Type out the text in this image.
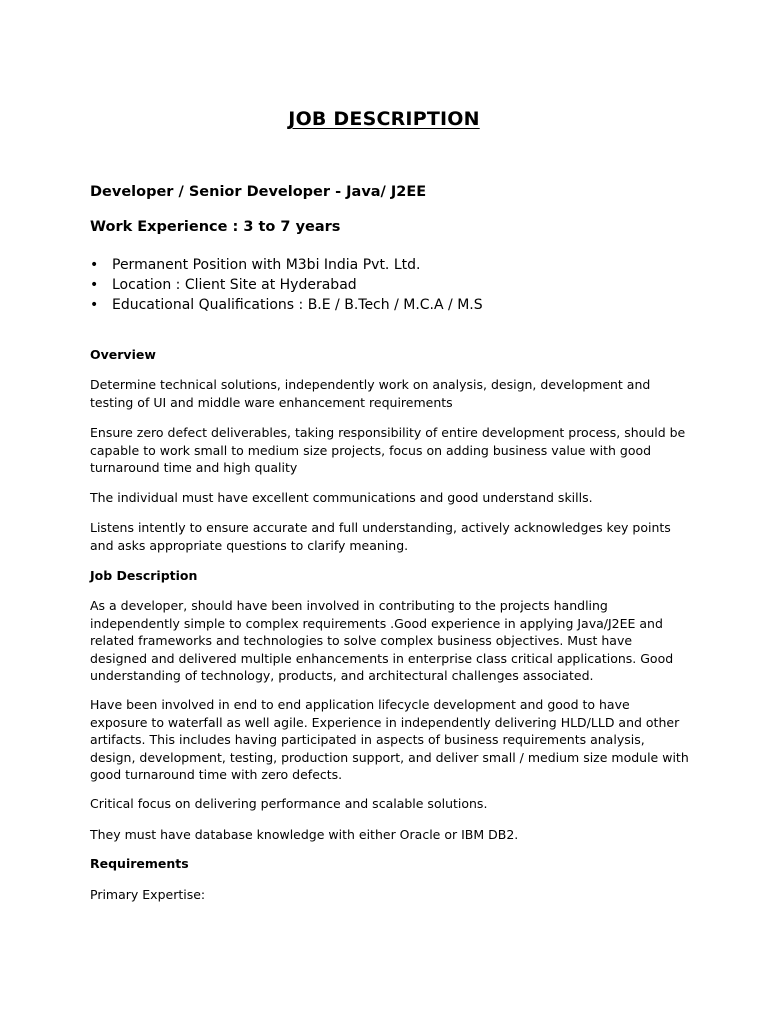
JOB DESCRIPTION
Developer / Senior Developer - Java/ J2EE
Work Experience : 3 to 7 years
• Permanent Position with M3bi India Pvt. Ltd.
• Location : Client Site at Hyderabad
• Educational Qualifications : B.E / B.Tech / M.C.A / M.S
Overview
Determine technical solutions, independently work on analysis, design, development and testing of UI and middle ware enhancement requirements
Ensure zero defect deliverables, taking responsibility of entire development process, should be capable to work small to medium size projects, focus on adding business value with good turnaround time and high quality
The individual must have excellent communications and good understand skills.
Listens intently to ensure accurate and full understanding, actively acknowledges key points and asks appropriate questions to clarify meaning.
Job Description
As a developer, should have been involved in contributing to the projects handling independently simple to complex requirements .Good experience in applying Java/J2EE and related frameworks and technologies to solve complex business objectives. Must have designed and delivered multiple enhancements in enterprise class critical applications. Good understanding of technology, products, and architectural challenges associated.
Have been involved in end to end application lifecycle development and good to have exposure to waterfall as well agile. Experience in independently delivering HLD/LLD and other artifacts. This includes having participated in aspects of business requirements analysis, design, development, testing, production support, and deliver small / medium size module with good turnaround time with zero defects.
Critical focus on delivering performance and scalable solutions.
They must have database knowledge with either Oracle or IBM DB2.
Requirements
Primary Expertise:
